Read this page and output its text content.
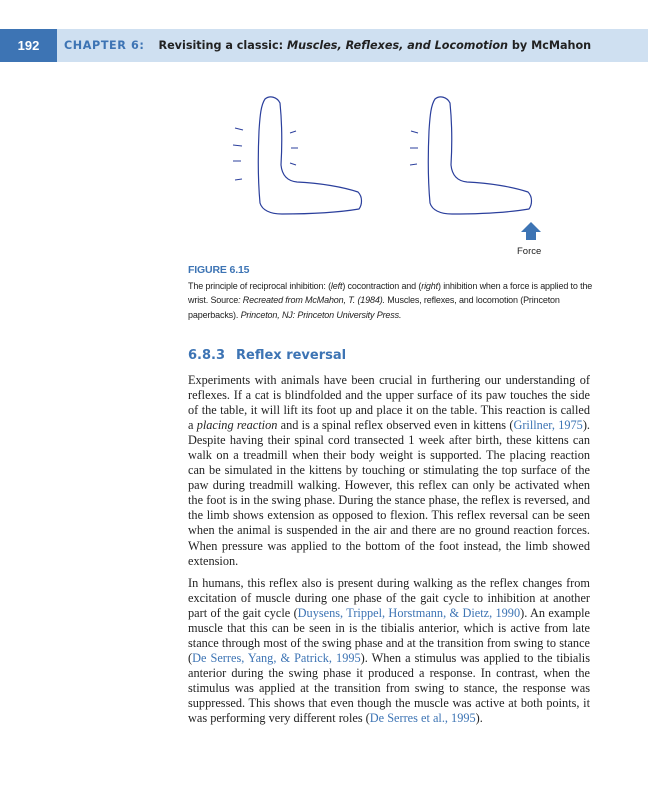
192	CHAPTER 6: Revisiting a classic: Muscles, Reflexes, and Locomotion by McMahon
Force
FIGURE 6.15
The principle of reciprocal inhibition: (left) cocontraction and (right) inhibition when a force is applied to the wrist. Source: Recreated from McMahon, T. (1984). Muscles, reflexes, and locomotion (Princeton paperbacks). Princeton, NJ: Princeton University Press.
6.8.3 Reflex reversal
Experiments with animals have been crucial in furthering our understanding of reflexes. If a cat is blindfolded and the upper surface of its paw touches the side of the table, it will lift its foot up and place it on the table. This reaction is called a placing reaction and is a spinal reflex observed even in kittens (Grillner, 1975). Despite having their spinal cord transected 1 week after birth, these kittens can walk on a treadmill when their body weight is supported. The placing reaction can be simulated in the kittens by touching or stimulating the top surface of the paw during treadmill walking. However, this reflex can only be activated when the foot is in the swing phase. During the stance phase, the reflex is reversed, and the limb shows extension as opposed to flexion. This reflex reversal can be seen when the animal is suspended in the air and there are no ground reaction forces. When pressure was applied to the bottom of the foot instead, the limb showed extension.
In humans, this reflex also is present during walking as the reflex changes from excitation of muscle during one phase of the gait cycle to inhibition at another part of the gait cycle (Duysens, Trippel, Horstmann, & Dietz, 1990). An example muscle that this can be seen in is the tibialis anterior, which is active from late stance through most of the swing phase and at the transition from swing to stance (De Serres, Yang, & Patrick, 1995). When a stimulus was applied to the tibialis anterior during the swing phase it produced a response. In contrast, when the stimulus was applied at the transition from swing to stance, the response was suppressed. This shows that even though the muscle was active at both points, it was performing very different roles (De Serres et al., 1995).
